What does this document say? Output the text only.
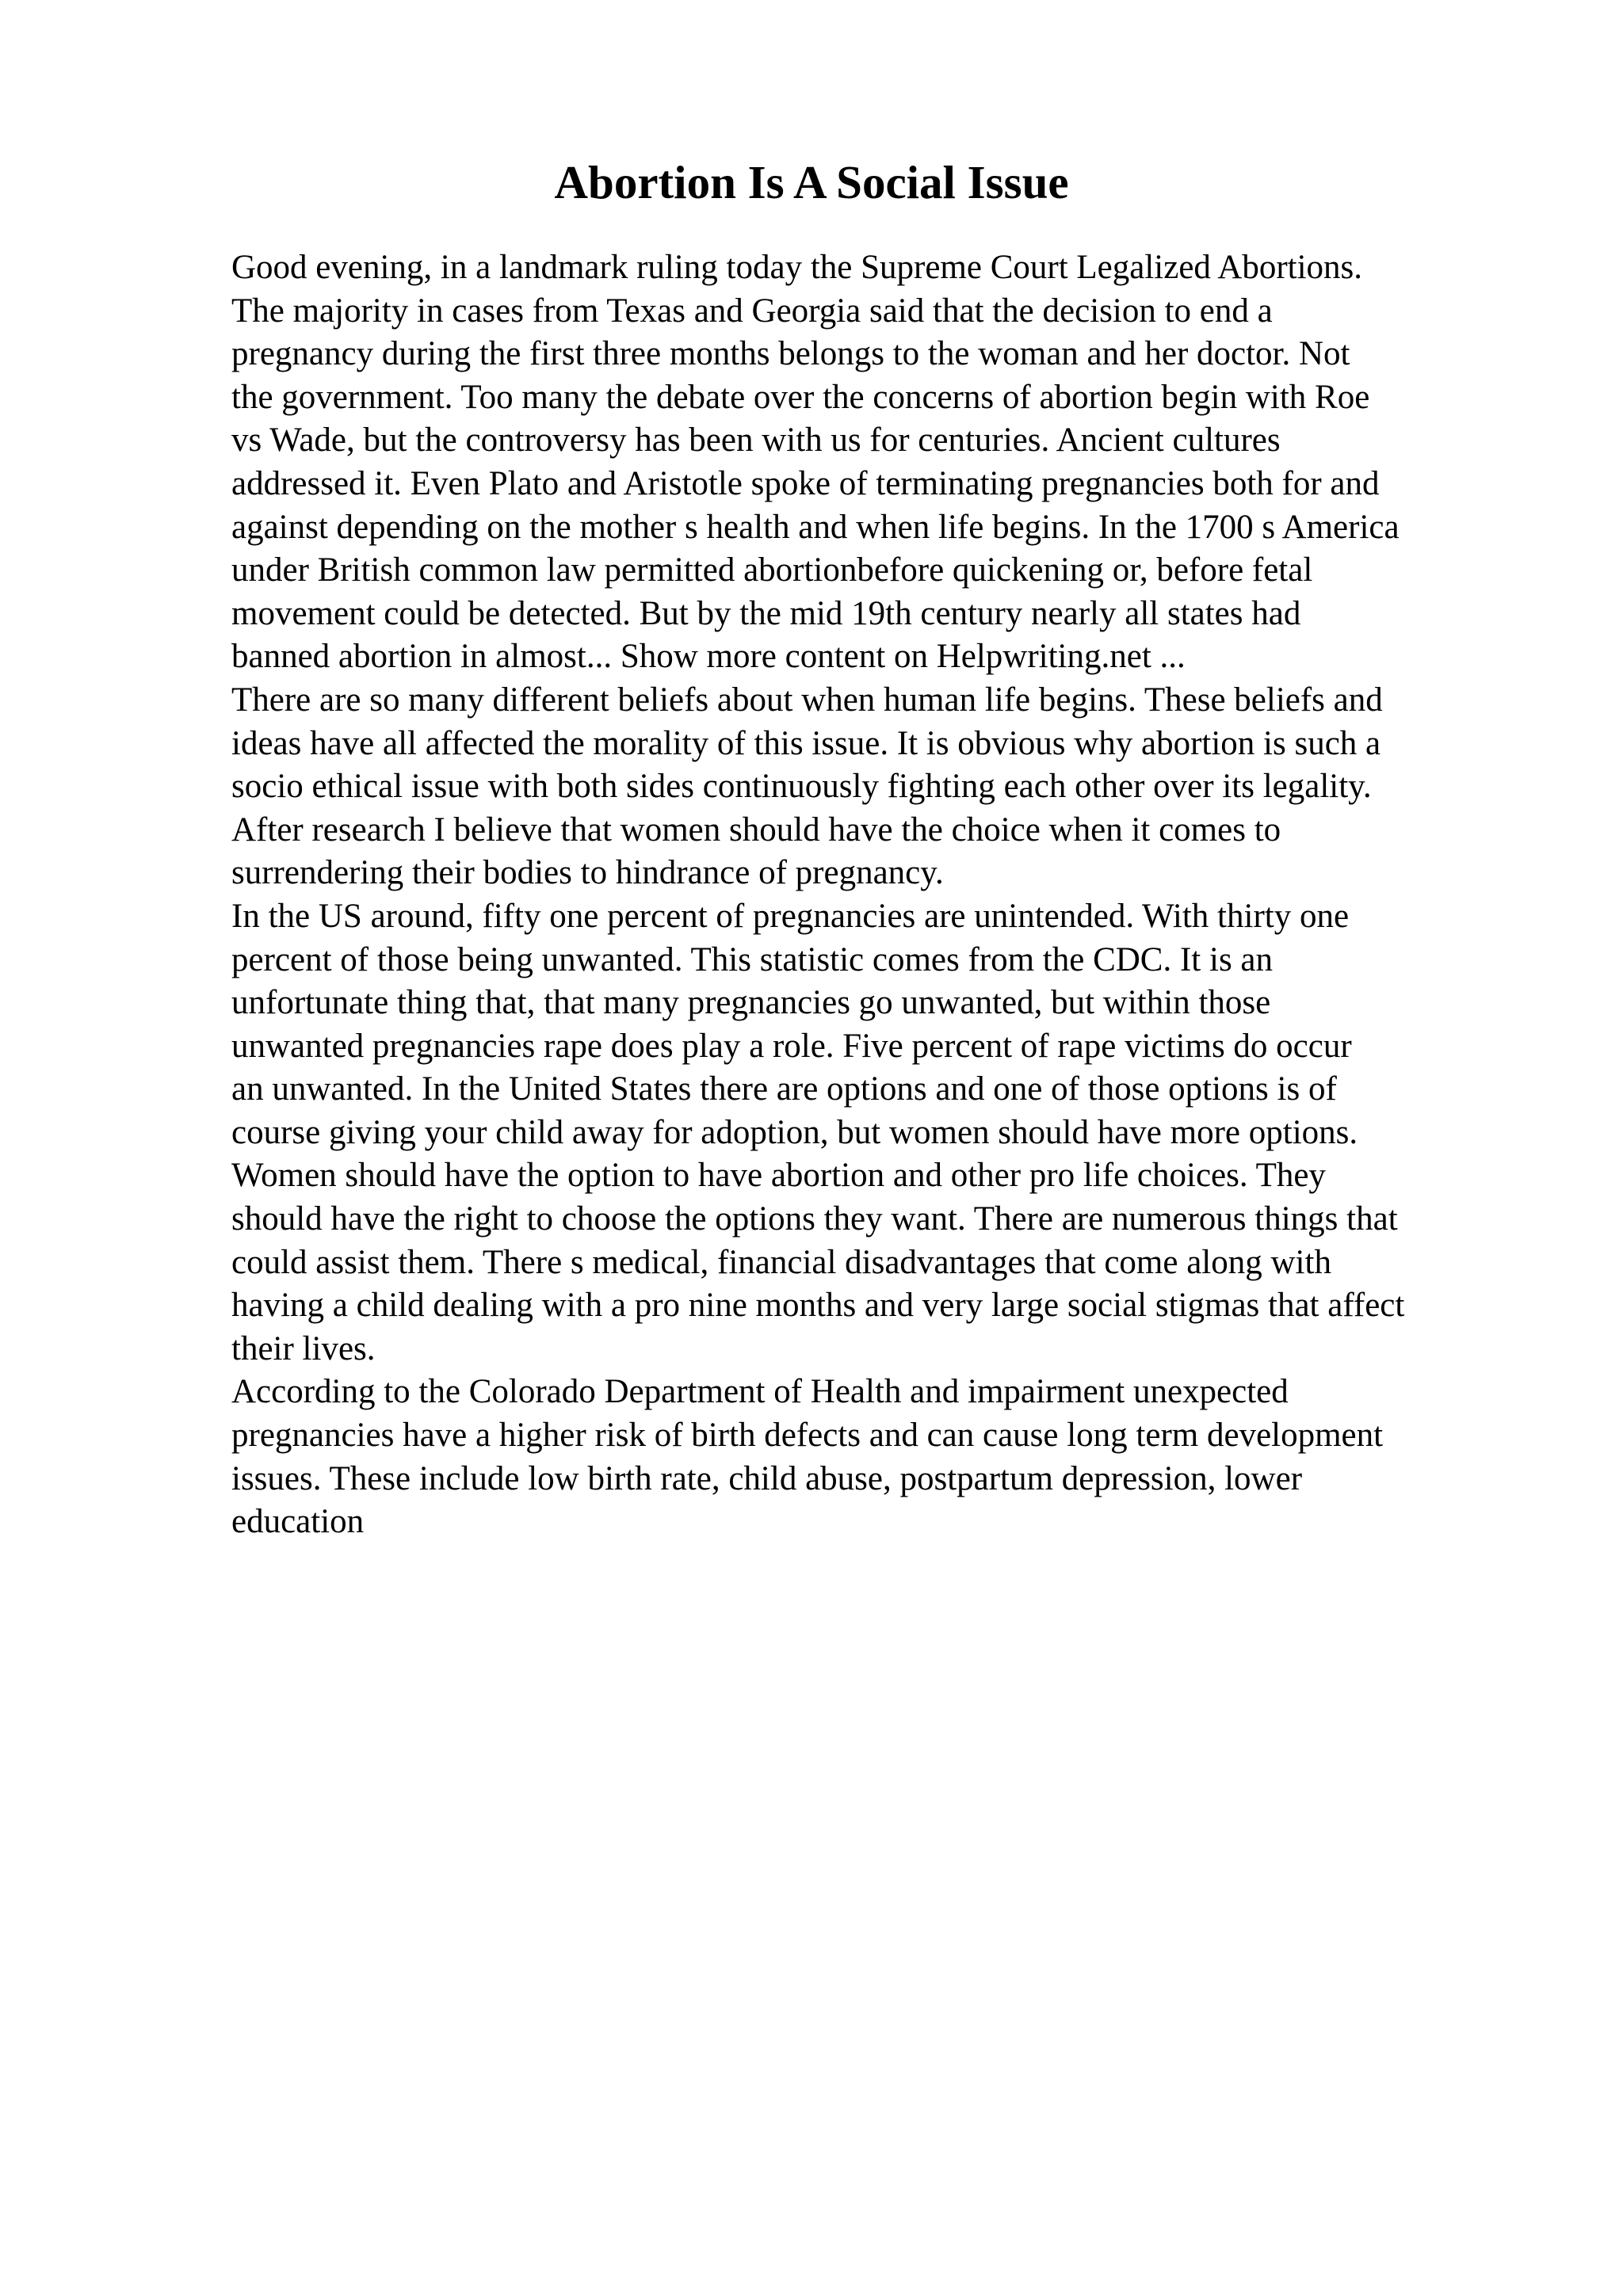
Abortion Is A Social Issue
Good evening, in a landmark ruling today the Supreme Court Legalized Abortions.
The majority in cases from Texas and Georgia said that the decision to end a
pregnancy during the first three months belongs to the woman and her doctor. Not
the government. Too many the debate over the concerns of abortion begin with Roe
vs Wade, but the controversy has been with us for centuries. Ancient cultures
addressed it. Even Plato and Aristotle spoke of terminating pregnancies both for and
against depending on the mother s health and when life begins. In the 1700 s America
under British common law permitted abortionbefore quickening or, before fetal
movement could be detected. But by the mid 19th century nearly all states had
banned abortion in almost... Show more content on Helpwriting.net ...
There are so many different beliefs about when human life begins. These beliefs and
ideas have all affected the morality of this issue. It is obvious why abortion is such a
socio ethical issue with both sides continuously fighting each other over its legality.
After research I believe that women should have the choice when it comes to
surrendering their bodies to hindrance of pregnancy.
In the US around, fifty one percent of pregnancies are unintended. With thirty one
percent of those being unwanted. This statistic comes from the CDC. It is an
unfortunate thing that, that many pregnancies go unwanted, but within those
unwanted pregnancies rape does play a role. Five percent of rape victims do occur
an unwanted. In the United States there are options and one of those options is of
course giving your child away for adoption, but women should have more options.
Women should have the option to have abortion and other pro life choices. They
should have the right to choose the options they want. There are numerous things that
could assist them. There s medical, financial disadvantages that come along with
having a child dealing with a pro nine months and very large social stigmas that affect
their lives.
According to the Colorado Department of Health and impairment unexpected
pregnancies have a higher risk of birth defects and can cause long term development
issues. These include low birth rate, child abuse, postpartum depression, lower
education
